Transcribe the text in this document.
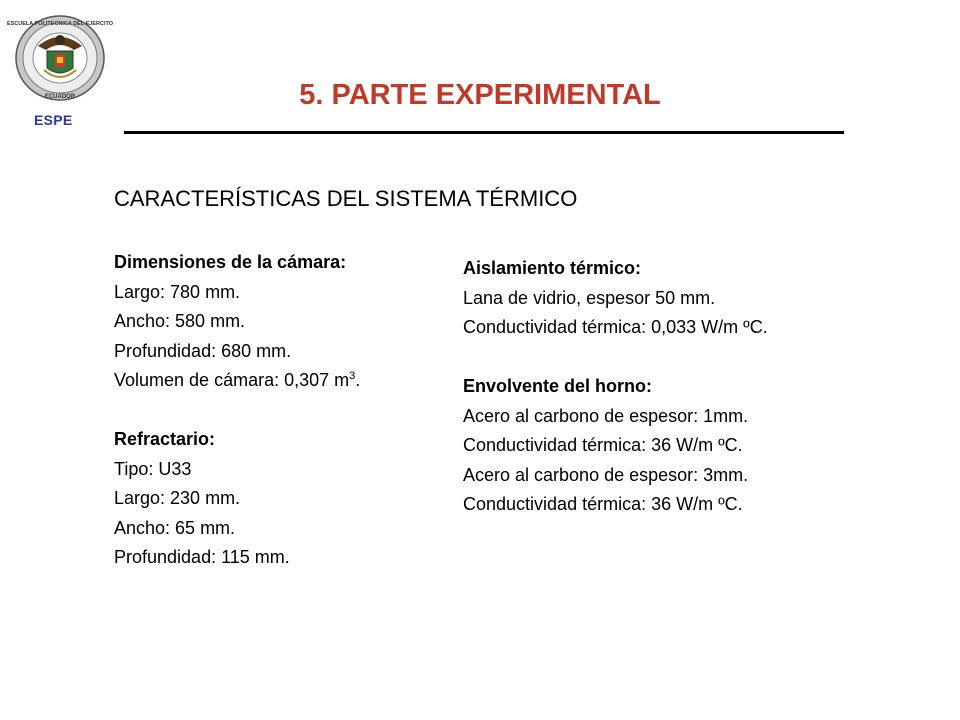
ESCUELA POLITECNICA DEL EJERCITO
ECUADOR
ESPE
5. PARTE EXPERIMENTAL
CARACTERÍSTICAS DEL SISTEMA TÉRMICO
Dimensiones de la cámara:
Largo: 780 mm.
Ancho: 580 mm.
Profundidad: 680 mm.
Volumen de cámara: 0,307 $m^3$.
Refractario:
Tipo: U33
Largo: 230 mm.
Ancho: 65 mm.
Profundidad: 115 mm.
Aislamiento térmico:
Lana de vidrio, espesor 50 mm.
Conductividad térmica: 0,033 W/m ºC.
Envolvente del horno:
Acero al carbono de espesor: 1mm.
Conductividad térmica: 36 W/m ºC.
Acero al carbono de espesor: 3mm.
Conductividad térmica: 36 W/m ºC.
